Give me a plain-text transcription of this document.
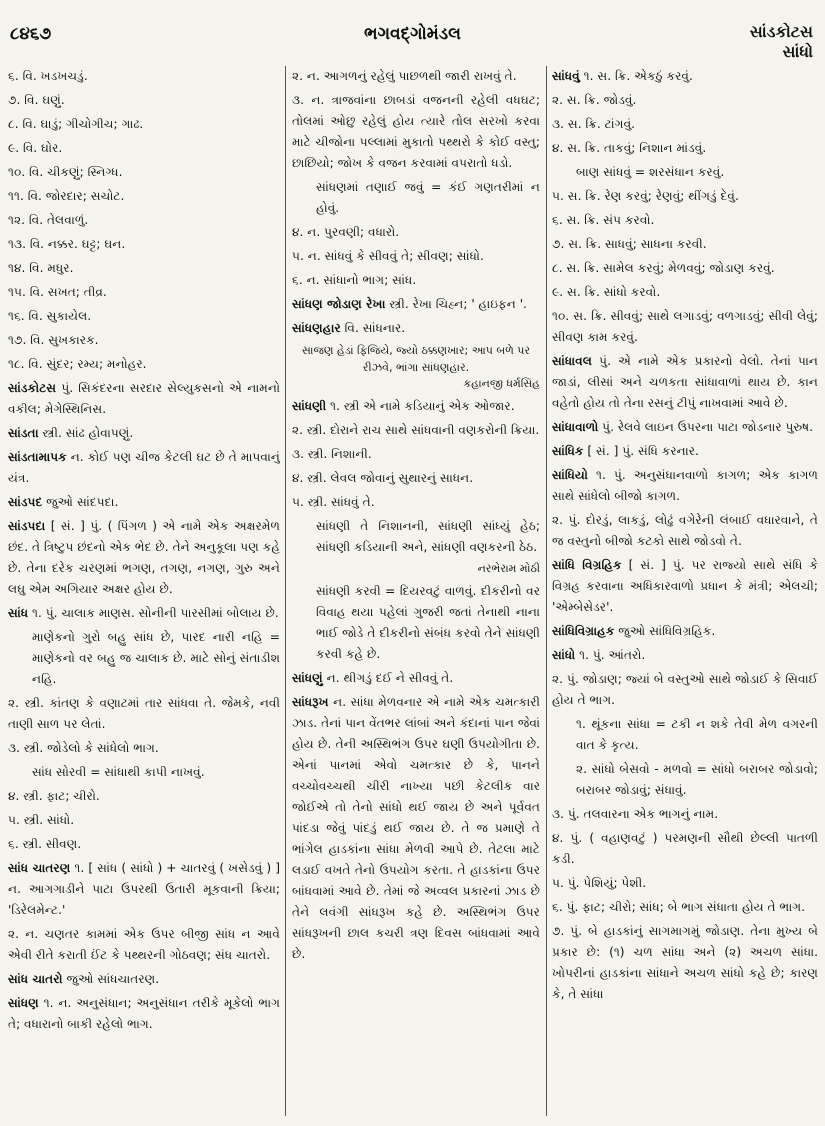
૮૪૬૭	ભગવદ્ગોમંડલ	સાંડકોટસ
સાંધો
૬. વિ. ખડખચડું.
૭. વિ. ઘણું.
૮. વિ. ઘાડું; ગીચોગીચ; ગાઢ.
૯. વિ. ઘોર.
૧૦. વિ. ચીકણું; સ્નિગ્ધ.
૧૧. વિ. જોરદાર; સચોટ.
૧૨. વિ. તેલવાળું.
૧૩. વિ. નક્કર. ઘટ્ટ; ઘન.
૧૪. વિ. મધુર.
૧૫. વિ. સખત; તીવ્ર.
૧૬. વિ. સુકાયેલ.
૧૭. વિ. સુખકારક.
૧૮. વિ. સુંદર; રમ્ય; મનોહર.
સાંડકોટસ પું. સિકંદરના સરદાર સેલ્યુકસનો એ નામનો વકીલ; મેગેસ્થિનિસ.
સાંડતા સ્ત્રી. સાંઢ હોવાપણું.
સાંડતામાપક ન. કોઈ પણ ચીજ કેટલી ઘટ છે તે માપવાનું યંત્ર.
સાંડપદ જુઓ સાંદપદા.
સાંડપદા [ સં. ] પું. ( પિંગળ ) એ નામે એક અક્ષરમેળ છંદ. તે ત્રિષ્ટુપ છંદનો એક ભેદ છે. તેને અનુકૂલા પણ કહે છે. તેના દરેક ચરણમાં ભગણ, તગણ, નગણ, ગુરુ અને લઘુ એમ અગિયાર અક્ષર હોય છે.
સાંધ ૧. પું. ચાલાક માણસ. સોનીની પારસીમાં બોલાય છે.
માણેકનો ગુરો બહુ સાંધ છે, પારદ નારી નહિ = માણેકનો વર બહુ જ ચાલાક છે. માટે સોનું સંતાડીશ નહિ.
૨. સ્ત્રી. કાંતણ કે વણાટમાં તાર સાંધવા તે. જેમકે, નવી તાણી સાળ પર લેતાં.
૩. સ્ત્રી. જોડેલો કે સાંધેલો ભાગ.
સાંધ સોરવી = સાંધાથી કાપી નાખવું.
૪. સ્ત્રી. ફાટ; ચીરો.
૫. સ્ત્રી. સાંધો.
૬. સ્ત્રી. સીવણ.
સાંધ ચાતરણ ૧. [ સાંધ ( સાંધો ) + ચાતરવું ( ખસેડવું ) ] ન. આગગાડીને પાટા ઉપરથી ઉતારી મૂકવાની ક્રિયા; 'ડિરેલમેન્ટ.'
૨. ન. ચણતર કામમાં એક ઉપર બીજી સાંધ ન આવે એવી રીતે કરાતી ઈંટ કે પથ્થરની ગોઠવણ; સંધ ચાતરો.
સાંધ ચાતરો જુઓ સાંધચાતરણ.
સાંધણ ૧. ન. અનુસંધાન; અનુસંધાન તરીકે મૂકેલો ભાગ તે; વધારાનો બાકી રહેલો ભાગ.
૨. ન. આગળનું રહેલું પાછળથી જારી રાખવું તે.
૩. ન. ત્રાજવાંના છાબડાં વજનની રહેલી વધઘટ; તોલમાં ઓછુ રહેલું હોય ત્યારે તોલ સરખો કરવા માટે ચીજોના પલ્લામાં મુકાતો પથ્થરો કે કોઈ વસ્તુ; છાછિયો; જોખ કે વજન કરવામાં વપરાતો ધડો.
સાંધણમાં તણાઈ જવું = કંઈ ગણતરીમાં ન હોવું.
૪. ન. પુરવણી; વધારો.
૫. ન. સાંધવું કે સીવવું તે; સીવણ; સાંધો.
૬. ન. સાંધાનો ભાગ; સાંધ.
સાંધણ જોડાણ રેખા સ્ત્રી. રેખા ચિહ્ન; ' હાઇફન '.
સાંધણહાર વિ. સાંધનાર.
સાજણ હેડાં ફિજિયે, જ્યો ઠક્કણખાર; આપ બળે પર રીઝવે, ભાંગા સાંધણહાર.
કહાનજી ધર્મસિંહ
સાંધણી ૧. સ્ત્રી એ નામે કડિયાનું એક ઓજાર.
૨. સ્ત્રી. દોરાને રાચ સાથે સાંધવાની વણકરોની ક્રિયા.
૩. સ્ત્રી. નિશાની.
૪. સ્ત્રી. લેવલ જોવાનું સુથારનું સાધન.
૫. સ્ત્રી. સાંધવું તે.
સાંધણી તે નિશાનની, સાંધણી સાંધ્યું હેઠ; સાંધણી કડિયાની અને, સાંધણી વણકરની ઠેઠ.
નરભેરામ મોઠી
સાંધણી કરવી = દિયરવટું વાળવું. દીકરીનો વર વિવાહ થયા પહેલાં ગુજરી જતાં તેનાથી નાના ભાઈ જોડે તે દીકરીનો સંબંધ કરવો તેને સાંધણી કરવી કહે છે.
સાંધણું ન. થીગડું દઈ ને સીવવું તે.
સાંધરૂખ ન. સાંધા મેળવનાર એ નામે એક ચમત્કારી ઝાડ. તેનાં પાન વેંતભર લાંબાં અને કંદાનાં પાન જેવાં હોય છે. તેની અસ્થિભંગ ઉપર ઘણી ઉપયોગીતા છે. એનાં પાનમાં એવો ચમત્કાર છે કે, પાનને વચ્ચોવચ્ચથી ચીરી નાખ્યા પછી કેટલીક વાર જોઈએ તો તેનો સાંધો થઈ જાય છે અને પૂર્વવત પાંદડા જેવું પાંદડું થઈ જાય છે. તે જ પ્રમાણે તે ભાંગેલ હાડકાંના સાંધા મેળવી આપે છે. તેટલા માટે લડાઈ વખતે તેનો ઉપયોગ કરતા. તે હાડકાંના ઉપર બાંધવામાં આવે છે. તેમાં જે અવ્વલ પ્રકારનાં ઝાડ છે તેને લવંગી સાંધરૂખ કહે છે. અસ્થિભંગ ઉપર સાંધરૂખની છાલ કચરી ત્રણ દિવસ બાંધવામાં આવે છે.
સાંધવું ૧. સ. ક્રિ. એકઠું કરવું.
૨. સ. ક્રિ. જોડવું.
૩. સ. ક્રિ. ટાંગવું.
૪. સ. ક્રિ. તાકવું; નિશાન માંડવું.
બાણ સાંધવું = શરસંધાન કરવું.
૫. સ. ક્રિ. રેણ કરવું; રેણવું; થીંગડું દેવું.
૬. સ. ક્રિ. સંપ કરવો.
૭. સ. ક્રિ. સાધવું; સાધના કરવી.
૮. સ. ક્રિ. સામેલ કરવું; મેળવવું; જોડાણ કરવું.
૯. સ. ક્રિ. સાંધો કરવો.
૧૦. સ. ક્રિ. સીવવું; સાથે લગાડવું; વળગાડવું; સીવી લેવું; સીવણ કામ કરવું.
સાંધાવલ પું. એ નામે એક પ્રકારનો વેલો. તેનાં પાન જાડાં, લીસાં અને ચળકતા સાંધાવાળાં થાય છે. કાન વહેતો હોય તો તેના રસનું ટીપું નાખવામાં આવે છે.
સાંધાવાળો પું. રેલવે લાઇન ઉપરના પાટા જોડનાર પુરુષ.
સાંધિક [ સં. ] પું. સંધિ કરનાર.
સાંધિયો ૧. પું. અનુસંધાનવાળો કાગળ; એક કાગળ સાથે સાંધેલો બીજો કાગળ.
૨. પું. દોરડું, લાકડું, લોઢું વગેરેની લંબાઈ વધારવાને, તે જ વસ્તુનો બીજો કટકો સાથે જોડવો તે.
સાંધિ વિગ્રહિક [ સં. ] પું. પર રાજ્યો સાથે સંધિ કે વિગ્રહ કરવાના અધિકારવાળો પ્રધાન કે મંત્રી; એલચી; 'એમ્બેસેડર'.
સાંધિવિગ્રાહક જુઓ સાંધિવિગ્રહિક.
સાંધો ૧. પું. આંતરો.
૨. પું. જોડાણ; જ્યાં બે વસ્તુઓ સાથે જોડાઈ કે સિવાઈ હોય તે ભાગ.
૧. થૂંકના સાંધા = ટકી ન શકે તેવી મેળ વગરની વાત કે કૃત્ય.
૨. સાંધો બેસવો - મળવો = સાંધો બરાબર જોડાવો; બરાબર જોડાવું; સંધાવું.
૩. પું. તલવારના એક ભાગનું નામ.
૪. પું. ( વહાણવટું ) પરમણની સૌથી છેલ્લી પાતળી કડી.
૫. પું. પેશિયું; પેશી.
૬. પું. ફાટ; ચીરો; સાંધ; બે ભાગ સંધાતા હોય તે ભાગ.
૭. પું. બે હાડકાંનું સાગમાગમું જોડાણ. તેના મુખ્ય બે પ્રકાર છે: (૧) ચળ સાંધા અને (૨) અચળ સાંધા. ખોપરીનાં હાડકાંના સાંધાને અચળ સાંધો કહે છે; કારણ કે, તે સાંધા
